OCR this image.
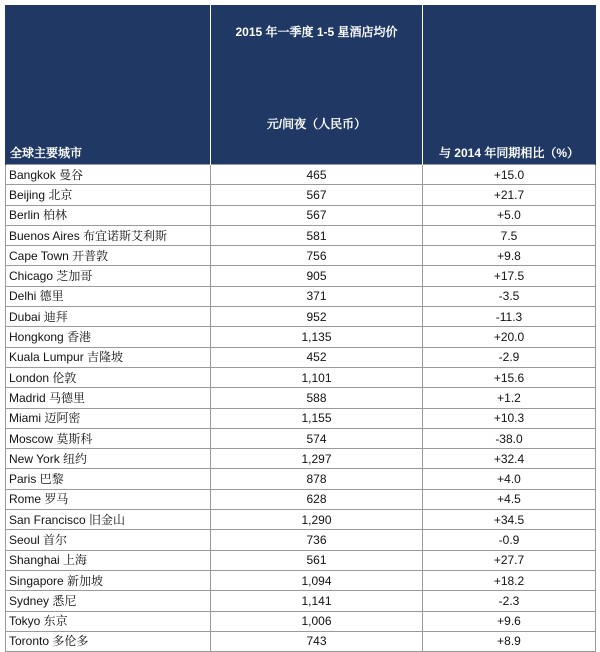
	2015 年一季度 1-5 星酒店均价	
全球主要城市	元/间夜（人民币）	与 2014 年同期相比（%）
Bangkok 曼谷	465	+15.0
Beijing 北京	567	+21.7
Berlin 柏林	567	+5.0
Buenos Aires 布宜诺斯艾利斯	581	7.5
Cape Town 开普敦	756	+9.8
Chicago 芝加哥	905	+17.5
Delhi 德里	371	-3.5
Dubai 迪拜	952	-11.3
Hongkong 香港	1,135	+20.0
Kuala Lumpur 吉隆坡	452	-2.9
London 伦敦	1,101	+15.6
Madrid 马德里	588	+1.2
Miami 迈阿密	1,155	+10.3
Moscow 莫斯科	574	-38.0
New York 纽约	1,297	+32.4
Paris 巴黎	878	+4.0
Rome 罗马	628	+4.5
San Francisco 旧金山	1,290	+34.5
Seoul 首尔	736	-0.9
Shanghai 上海	561	+27.7
Singapore 新加坡	1,094	+18.2
Sydney 悉尼	1,141	-2.3
Tokyo 东京	1,006	+9.6
Toronto 多伦多	743	+8.9
